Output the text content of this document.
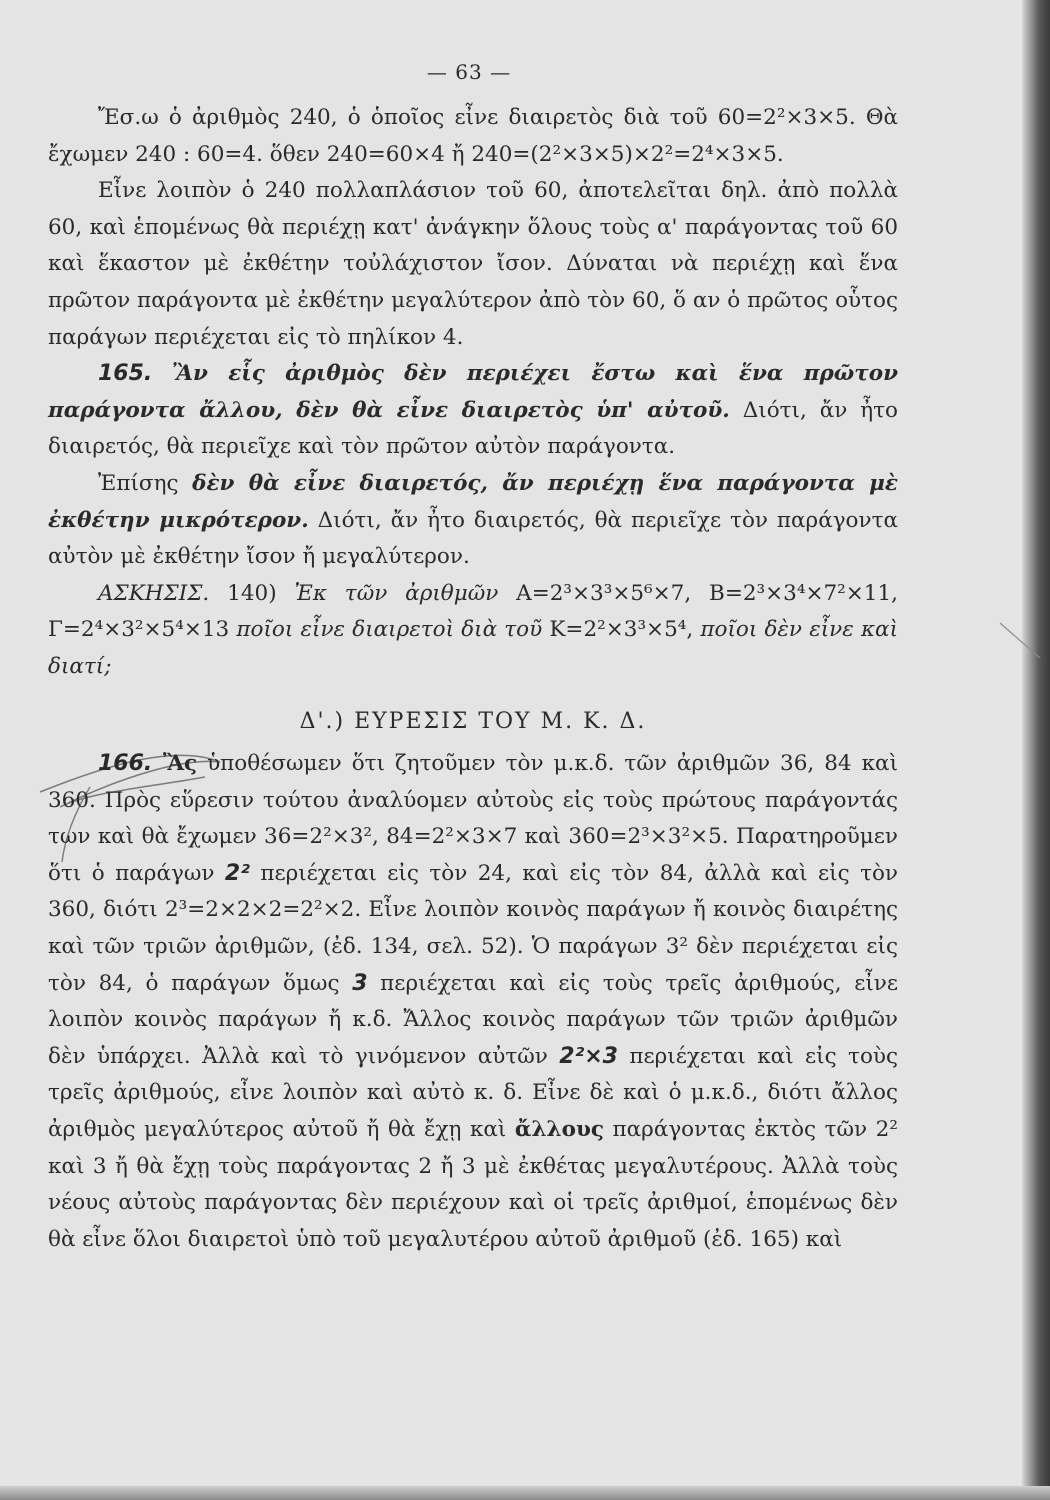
— 63 —

Ἔσ.ω ὁ ἀριθμὸς 240, ὁ ὁποῖος εἶνε διαιρετὸς διὰ τοῦ 60=2²×3×5. Θὰ ἔχωμεν 240 : 60=4. ὅθεν 240=60×4 ἤ 240=(2²×3×5)×2²=2⁴×3×5.

Εἶνε λοιπὸν ὁ 240 πολλαπλάσιον τοῦ 60, ἀποτελεῖται δηλ. ἀπὸ πολλὰ 60, καὶ ἑπομένως θὰ περιέχῃ κατ' ἀνάγκην ὅλους τοὺς α' παράγοντας τοῦ 60 καὶ ἕκαστον μὲ ἐκθέτην τοὐλάχιστον ἴσον. Δύναται νὰ περιέχῃ καὶ ἕνα πρῶτον παράγοντα μὲ ἐκθέτην μεγαλύτερον ἀπὸ τὸν 60, ὅ αν ὁ πρῶτος οὗτος παράγων περιέχεται εἰς τὸ πηλίκον 4.

165. Ἂν εἷς ἀριθμὸς δὲν περιέχει ἔστω καὶ ἕνα πρῶτον παράγοντα ἄλλου, δὲν θὰ εἶνε διαιρετὸς ὑπ' αὐτοῦ. Διότι, ἄν ἦτο διαιρετός, θὰ περιεῖχε καὶ τὸν πρῶτον αὐτὸν παράγοντα.

Ἐπίσης δὲν θὰ εἶνε διαιρετός, ἄν περιέχῃ ἕνα παράγοντα μὲ ἐκθέτην μικρότερον. Διότι, ἄν ἦτο διαιρετός, θὰ περιεῖχε τὸν παράγοντα αὐτὸν μὲ ἐκθέτην ἴσον ἤ μεγαλύτερον.

ΑΣΚΗΣΙΣ. 140) Ἐκ τῶν ἀριθμῶν A=2³×3³×5⁶×7, B=2³×3⁴×7²×11, Γ=2⁴×3²×5⁴×13 ποῖοι εἶνε διαιρετοὶ διὰ τοῦ K=2²×3³×5⁴, ποῖοι δὲν εἶνε καὶ διατί;

Δ'.) ΕΥΡΕΣΙΣ ΤΟΥ Μ. Κ. Δ.

166. Ἂς ὑποθέσωμεν ὅτι ζητοῦμεν τὸν μ.κ.δ. τῶν ἀριθμῶν 36, 84 καὶ 360. Πρὸς εὕρεσιν τούτου ἀναλύομεν αὐτοὺς εἰς τοὺς πρώτους παράγοντάς των καὶ θὰ ἔχωμεν 36=2²×3², 84=2²×3×7 καὶ 360=2³×3²×5. Παρατηροῦμεν ὅτι ὁ παράγων 2² περιέχεται εἰς τὸν 24, καὶ εἰς τὸν 84, ἀλλὰ καὶ εἰς τὸν 360, διότι 2³=2×2×2=2²×2. Εἶνε λοιπὸν κοινὸς παράγων ἤ κοινὸς διαιρέτης καὶ τῶν τριῶν ἀριθμῶν, (ἐδ. 134, σελ. 52). Ὁ παράγων 3² δὲν περιέχεται εἰς τὸν 84, ὁ παράγων ὅμως 3 περιέχεται καὶ εἰς τοὺς τρεῖς ἀριθμούς, εἶνε λοιπὸν κοινὸς παράγων ἤ κ.δ. Ἄλλος κοινὸς παράγων τῶν τριῶν ἀριθμῶν δὲν ὑπάρχει. Ἀλλὰ καὶ τὸ γινόμενον αὐτῶν 2²×3 περιέχεται καὶ εἰς τοὺς τρεῖς ἀριθμούς, εἶνε λοιπὸν καὶ αὐτὸ κ. δ. Εἶνε δὲ καὶ ὁ μ.κ.δ., διότι ἄλλος ἀριθμὸς μεγαλύτερος αὐτοῦ ἤ θὰ ἔχῃ καὶ ἄλλους παράγοντας ἐκτὸς τῶν 2² καὶ 3 ἤ θὰ ἔχῃ τοὺς παράγοντας 2 ἤ 3 μὲ ἐκθέτας μεγαλυτέρους. Ἀλλὰ τοὺς νέους αὐτοὺς παράγοντας δὲν περιέχουν καὶ οἱ τρεῖς ἀριθμοί, ἑπομένως δὲν θὰ εἶνε ὅλοι διαιρετοὶ ὑπὸ τοῦ μεγαλυτέρου αὐτοῦ ἀριθμοῦ (ἐδ. 165) καὶ
